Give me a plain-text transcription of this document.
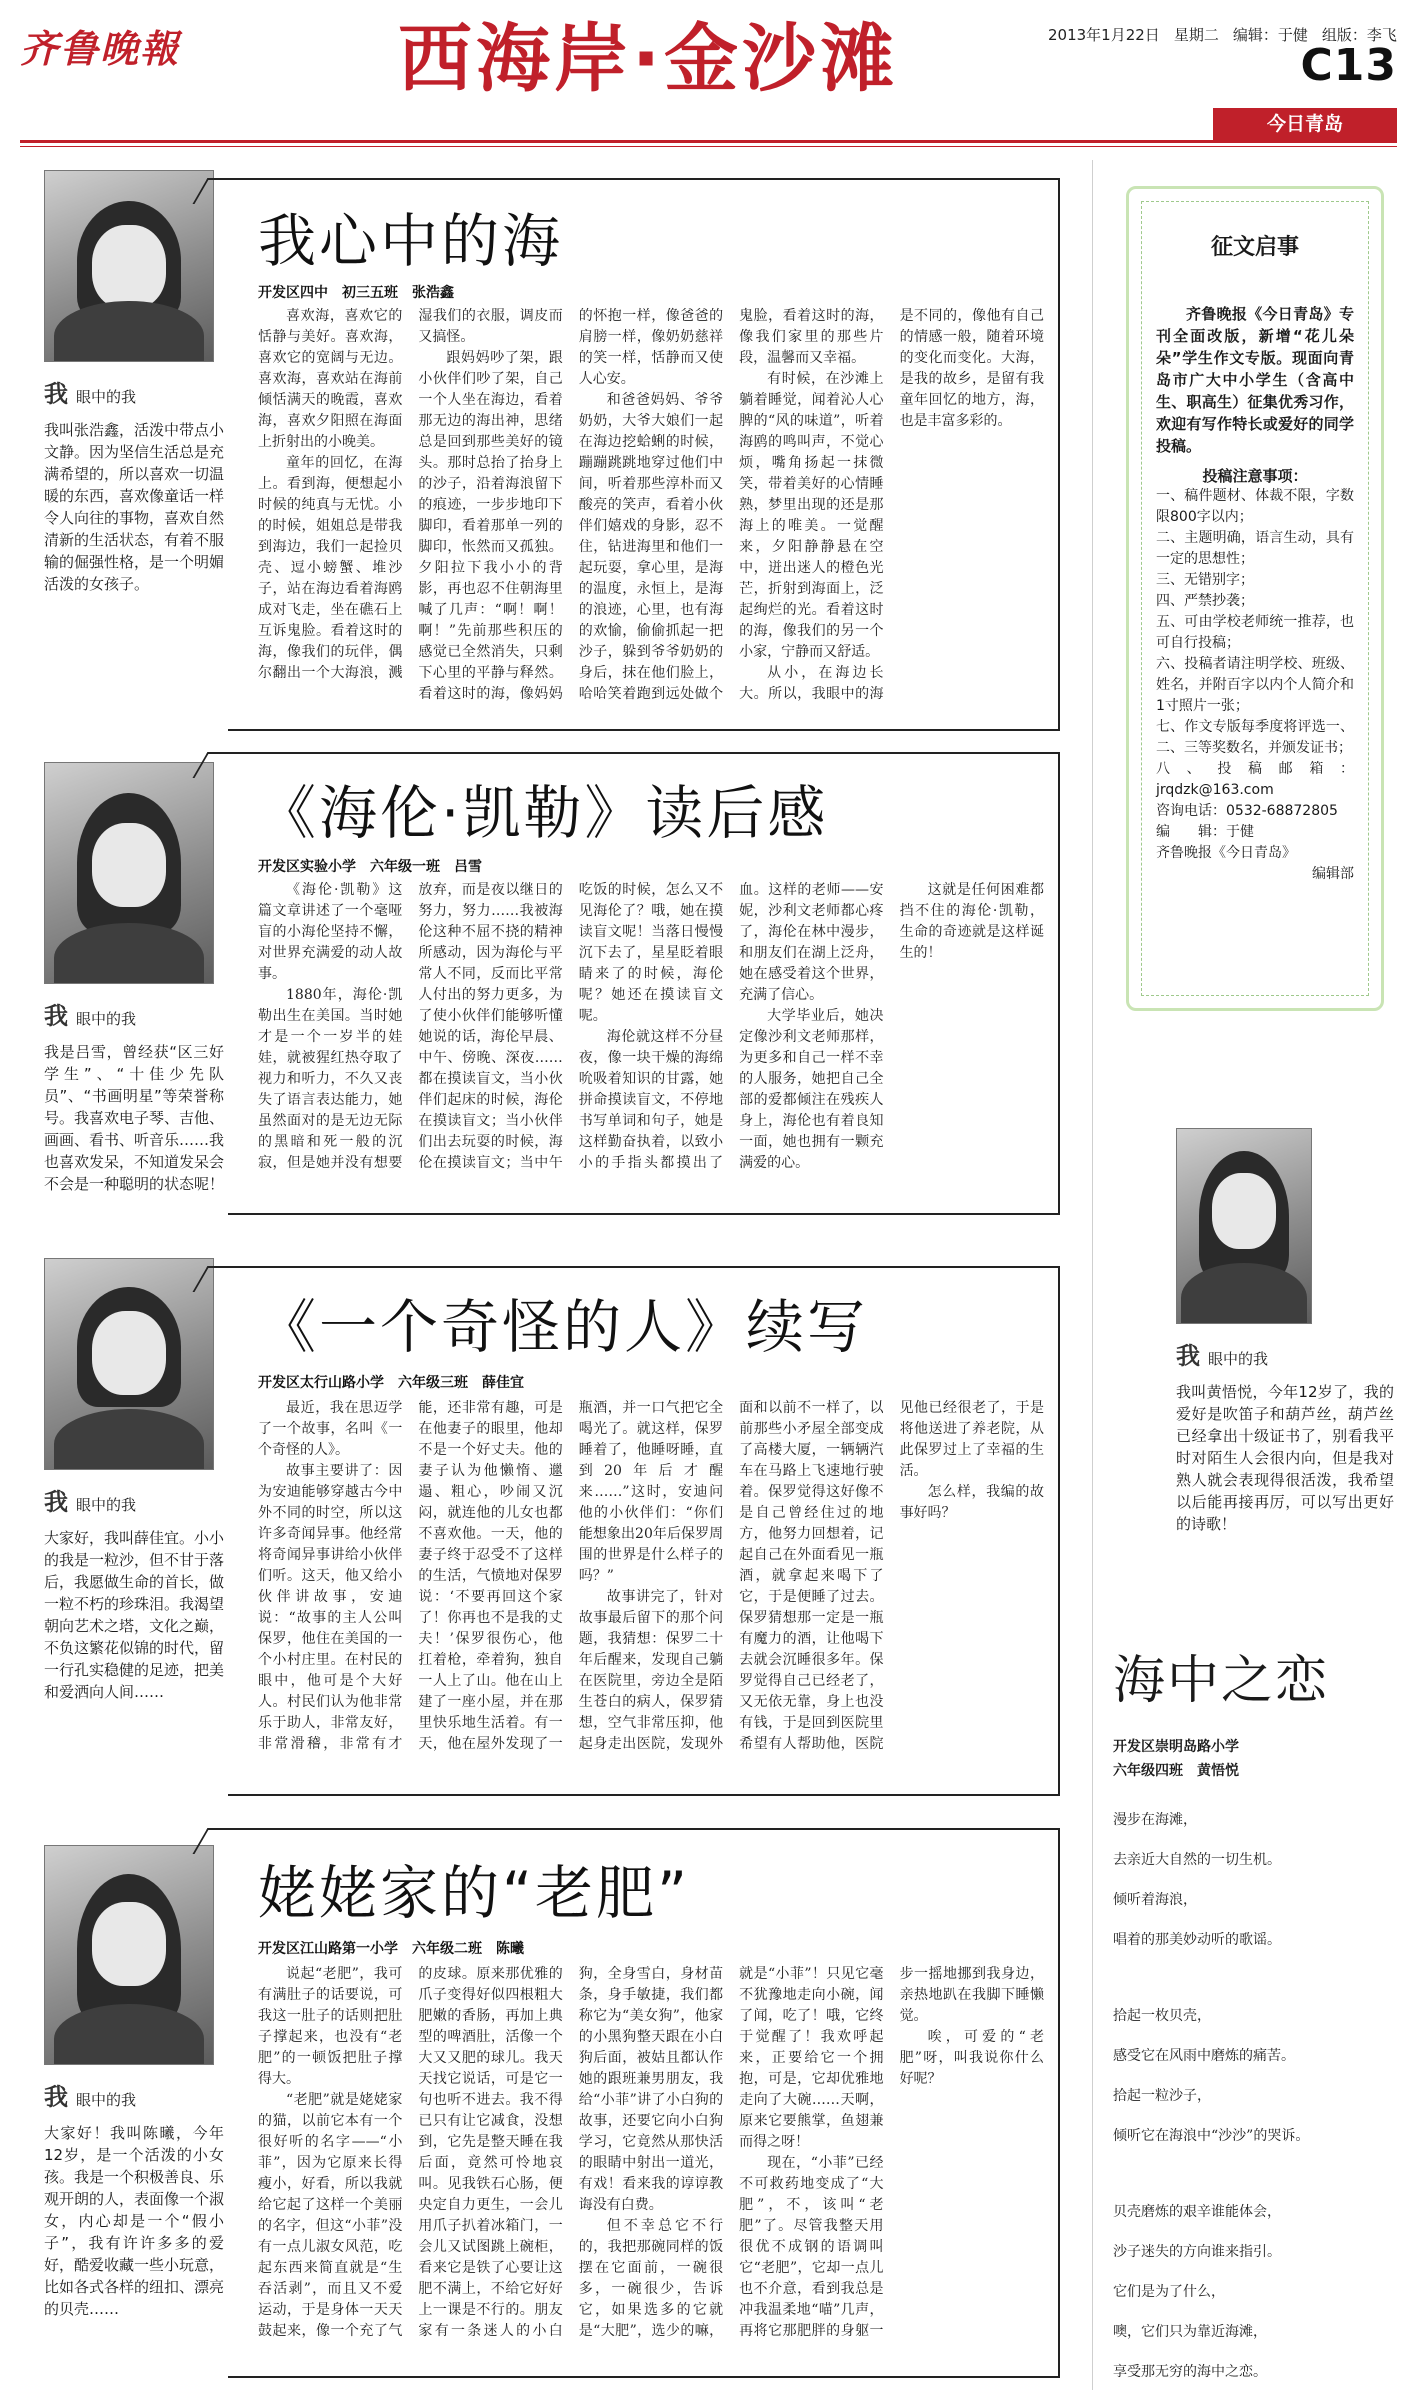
齐鲁晚報	西海岸·金沙滩	2013年1月22日 星期二 编辑：于健 组版：李飞
C13
今日青岛
我 眼中的我
我叫张浩鑫，活泼中带点小文静。因为坚信生活总是充满希望的，所以喜欢一切温暖的东西，喜欢像童话一样令人向往的事物，喜欢自然清新的生活状态，有着不服输的倔强性格，是一个明媚活泼的女孩子。
我心中的海
开发区四中　初三五班　张浩鑫

喜欢海，喜欢它的恬静与美好。喜欢海，喜欢它的宽阔与无边。喜欢海，喜欢站在海前倾恬满天的晚霞，喜欢海，喜欢夕阳照在海面上折射出的小晚美。

童年的回忆，在海上。看到海，便想起小时候的纯真与无忧。小的时候，姐姐总是带我到海边，我们一起捡贝壳、逗小螃蟹、堆沙子，站在海边看着海鸥成对飞走，坐在礁石上互诉鬼脸。看着这时的海，像我们的玩伴，偶尔翻出一个大海浪，溅湿我们的衣服，调皮而又搞怪。

跟妈妈吵了架，跟小伙伴们吵了架，自己一个人坐在海边，看着那无边的海出神，思绪总是回到那些美好的镜头。那时总抬了抬身上的沙子，沿着海浪留下的痕迹，一步步地印下脚印，看着那单一列的脚印，怅然而又孤独。夕阳拉下我小小的背影，再也忍不住朝海里喊了几声：“啊！啊！啊！”先前那些积压的感觉已全然消失，只剩下心里的平静与释然。看着这时的海，像妈妈的怀抱一样，像爸爸的肩膀一样，像奶奶慈祥的笑一样，恬静而又使人心安。

和爸爸妈妈、爷爷奶奶，大爷大娘们一起在海边挖蛤蜊的时候，蹦蹦跳跳地穿过他们中间，听着那些淳朴而又酸亮的笑声，看着小伙伴们嬉戏的身影，忍不住，钻进海里和他们一起玩耍，拿心里，是海的温度，永恒上，是海的浪迹，心里，也有海的欢愉，偷偷抓起一把沙子，躲到爷爷奶奶的身后，抹在他们脸上，哈哈笑着跑到远处做个鬼脸，看着这时的海，像我们家里的那些片段，温馨而又幸福。

有时候，在沙滩上躺着睡觉，闻着沁人心脾的“风的味道”，听着海鸥的鸣叫声，不觉心烦，嘴角扬起一抹微笑，带着美好的心情睡熟，梦里出现的还是那海上的唯美。一觉醒来，夕阳静静悬在空中，迸出迷人的橙色光芒，折射到海面上，泛起绚烂的光。看着这时的海，像我们的另一个小家，宁静而又舒适。

从小，在海边长大。所以，我眼中的海是不同的，像他有自己的情感一般，随着环境的变化而变化。大海，是我的故乡，是留有我童年回忆的地方，海，也是丰富多彩的。

我 眼中的我
我是吕雪，曾经获“区三好学生”、“十佳少先队员”、“书画明星”等荣誉称号。我喜欢电子琴、吉他、画画、看书、听音乐……我也喜欢发呆，不知道发呆会不会是一种聪明的状态呢！
《海伦·凯勒》读后感
开发区实验小学　六年级一班　吕雪

《海伦·凯勒》这篇文章讲述了一个毫哑盲的小海伦坚持不懈，对世界充满爱的动人故事。

1880年，海伦·凯勒出生在美国。当时她才是一个一岁半的娃娃，就被猩红热夺取了视力和听力，不久又丧失了语言表达能力，她虽然面对的是无边无际的黑暗和死一般的沉寂，但是她并没有想要放弃，而是夜以继日的努力，努力……我被海伦这种不屈不挠的精神所感动，因为海伦与平常人不同，反而比平常人付出的努力更多，为了使小伙伴们能够听懂她说的话，海伦早晨、中午、傍晚、深夜……都在摸读盲文，当小伙伴们起床的时候，海伦在摸读盲文；当小伙伴们出去玩耍的时候，海伦在摸读盲文；当中午吃饭的时候，怎么又不见海伦了？哦，她在摸读盲文呢！当落日慢慢沉下去了，星星眨着眼睛来了的时候，海伦呢？她还在摸读盲文呢。

海伦就这样不分昼夜，像一块干燥的海绵吮吸着知识的甘露，她拼命摸读盲文，不停地书写单词和句子，她是这样勤奋执着，以致小小的手指头都摸出了血。这样的老师——安妮，沙利文老师都心疼了，海伦在林中漫步，和朋友们在湖上泛舟，她在感受着这个世界，充满了信心。

大学毕业后，她决定像沙利文老师那样，为更多和自己一样不幸的人服务，她把自己全部的爱都倾注在残疾人身上，海伦也有着良知一面，她也拥有一颗充满爱的心。

这就是任何困难都挡不住的海伦·凯勒，生命的奇迹就是这样诞生的！

我 眼中的我
大家好，我叫薛佳宜。小小的我是一粒沙，但不甘于落后，我愿做生命的首长，做一粒不朽的珍珠泪。我渴望朝向艺术之塔，文化之巅，不负这繁花似锦的时代，留一行孔实稳健的足迹，把美和爱洒向人间……
《一个奇怪的人》续写
开发区太行山路小学　六年级三班　薛佳宜

最近，我在思迈学了一个故事，名叫《一个奇怪的人》。

故事主要讲了：因为安迪能够穿越古今中外不同的时空，所以这许多奇闻异事。他经常将奇闻异事讲给小伙伴们听。这天，他又给小伙伴讲故事，安迪说：“故事的主人公叫保罗，他住在美国的一个小村庄里。在村民的眼中，他可是个大好人。村民们认为他非常乐于助人，非常友好，非常滑稽，非常有才能，还非常有趣，可是在他妻子的眼里，他却不是一个好丈夫。他的妻子认为他懒惰、邋遢、粗心，吵闹又沉闷，就连他的儿女也都不喜欢他。一天，他的妻子终于忍受不了这样的生活，气愤地对保罗说：‘不要再回这个家了！你再也不是我的丈夫！’保罗很伤心，他扛着枪，牵着狗，独自一人上了山。他在山上建了一座小屋，并在那里快乐地生活着。有一天，他在屋外发现了一瓶酒，并一口气把它全喝光了。就这样，保罗睡着了，他睡呀睡，直到20年后才醒来……”这时，安迪问他的小伙伴们：“你们能想象出20年后保罗周围的世界是什么样子的吗？”

故事讲完了，针对故事最后留下的那个问题，我猜想：保罗二十年后醒来，发现自己躺在医院里，旁边全是陌生苍白的病人，保罗猜想，空气非常压抑，他起身走出医院，发现外面和以前不一样了，以前那些小矛屋全部变成了高楼大厦，一辆辆汽车在马路上飞速地行驶着。保罗觉得这好像不是自己曾经住过的地方，他努力回想着，记起自己在外面看见一瓶酒，就拿起来喝下了它，于是便睡了过去。保罗猜想那一定是一瓶有魔力的酒，让他喝下去就会沉睡很多年。保罗觉得自己已经老了，又无依无靠，身上也没有钱，于是回到医院里希望有人帮助他，医院见他已经很老了，于是将他送进了养老院，从此保罗过上了幸福的生活。

怎么样，我编的故事好吗？

我 眼中的我
大家好！我叫陈曦，今年12岁，是一个活泼的小女孩。我是一个积极善良、乐观开朗的人，表面像一个淑女，内心却是一个“假小子”，我有许许多多的爱好，酷爱收藏一些小玩意，比如各式各样的纽扣、漂亮的贝壳……
姥姥家的“老肥”
开发区江山路第一小学　六年级二班　陈曦

说起“老肥”，我可有满肚子的话要说，可我这一肚子的话则把肚子撑起来，也没有“老肥”的一顿饭把肚子撑得大。

“老肥”就是姥姥家的猫，以前它本有一个很好听的名字——“小菲”，因为它原来长得瘦小，好看，所以我就给它起了这样一个美丽的名字，但这“小菲”没有一点儿淑女风范，吃起东西来简直就是“生吞活剥”，而且又不爱运动，于是身体一天天鼓起来，像一个充了气的皮球。原来那优雅的爪子变得好似四根粗大肥嫩的香肠，再加上典型的啤酒肚，活像一个大又又肥的球儿。我天天找它说话，可是它一句也听不进去。我不得已只有让它减食，没想到，它先是整天睡在我后面，竟然可怜地哀叫。见我铁石心肠，便央定自力更生，一会儿用爪子扒着冰箱门，一会儿又试图跳上碗柜，看来它是铁了心要让这肥不满上，不给它好好上一课是不行的。朋友家有一条迷人的小白狗，全身雪白，身材苗条，身手敏捷，我们都称它为“美女狗”，他家的小黑狗整天跟在小白狗后面，被姑且都认作她的跟班兼男朋友，我给“小菲”讲了小白狗的故事，还要它向小白狗学习，它竟然从那快活的眼睛中射出一道光，有戏！看来我的谆谆教诲没有白费。

但不幸总它不行的，我把那碗同样的饭摆在它面前，一碗很多，一碗很少，告诉它，如果选多的它就是“大肥”，选少的嘛，就是“小菲”！只见它毫不犹豫地走向小碗，闻了闻，吃了！哦，它终于觉醒了！我欢呼起来，正要给它一个拥抱，可是，它却优雅地走向了大碗……天啊，原来它要熊掌，鱼翅兼而得之呀！

现在，“小菲”已经不可救药地变成了“大肥”，不，该叫“老肥”了。尽管我整天用很优不成钢的语调叫它“老肥”，它却一点儿也不介意，看到我总是冲我温柔地“喵”几声，再将它那肥胖的身躯一步一摇地挪到我身边，亲热地趴在我脚下睡懒觉。

唉，可爱的“老肥”呀，叫我说你什么好呢？

征文启事
齐鲁晚报《今日青岛》专刊全面改版，新增“花儿朵朵”学生作文专版。现面向青岛市广大中小学生（含高中生、职高生）征集优秀习作，欢迎有写作特长或爱好的同学投稿。
投稿注意事项：
一、稿件题材、体裁不限，字数限800字以内；
二、主题明确，语言生动，具有一定的思想性；
三、无错别字；
四、严禁抄袭；
五、可由学校老师统一推荐，也可自行投稿；
六、投稿者请注明学校、班级、姓名，并附百字以内个人简介和1寸照片一张；
七、作文专版每季度将评选一、二、三等奖数名，并颁发证书；
八、投稿邮箱：jrqdzk@163.com
咨询电话：0532-68872805
编　　辑：于健
齐鲁晚报《今日青岛》
编辑部
我 眼中的我
我叫黄悟悦，今年12岁了，我的爱好是吹笛子和葫芦丝，葫芦丝已经拿出十级证书了，别看我平时对陌生人会很内向，但是我对熟人就会表现得很活泼，我希望以后能再接再厉，可以写出更好的诗歌！
海中之恋
开发区崇明岛路小学
六年级四班　黄悟悦
漫步在海滩，
去亲近大自然的一切生机。
倾听着海浪，
唱着的那美妙动听的歌谣。
拾起一枚贝壳，
感受它在风雨中磨炼的痛苦。
拾起一粒沙子，
倾听它在海浪中“沙沙”的哭诉。
贝壳磨炼的艰辛谁能体会，
沙子迷失的方向谁来指引。
它们是为了什么，
噢，它们只为靠近海滩，
享受那无穷的海中之恋。
